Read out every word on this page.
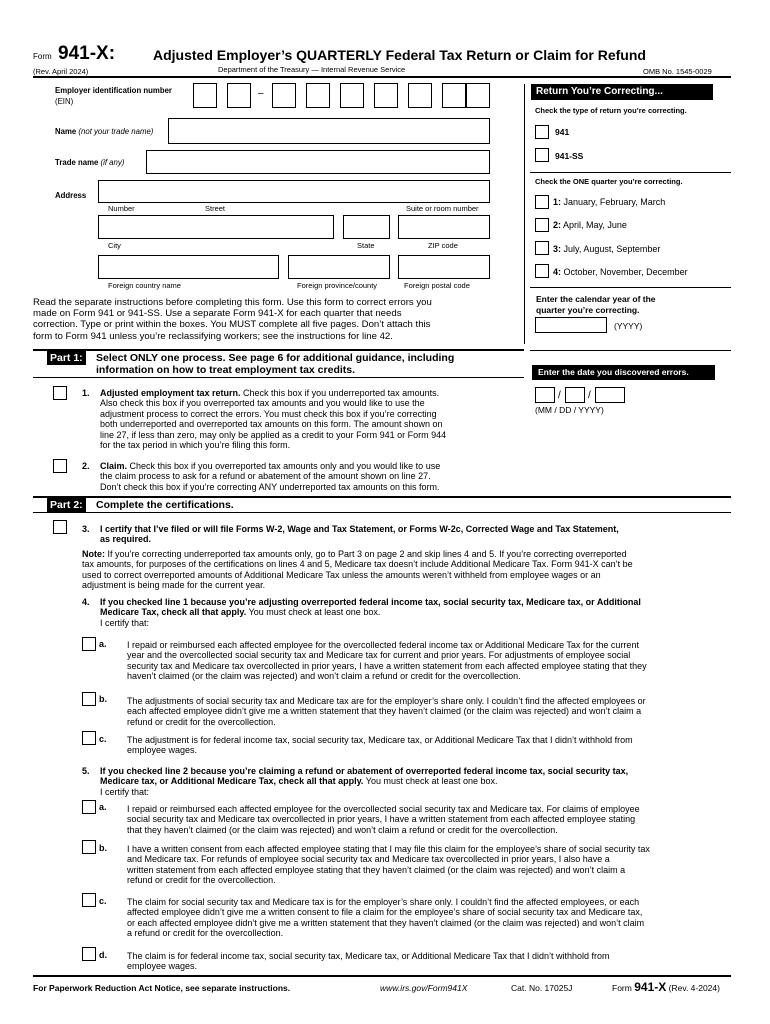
Form 941-X:	Adjusted Employer’s QUARTERLY Federal Tax Return or Claim for Refund
(Rev. April 2024)	Department of the Treasury — Internal Revenue Service	OMB No. 1545-0029
Employer identification number
(EIN)
–
Name (not your trade name)
Trade name (if any)
Address
Number	Street	Suite or room number
City	State	ZIP code
Foreign country name	Foreign province/county	Foreign postal code
Read the separate instructions before completing this form. Use this form to correct errors you
made on Form 941 or 941-SS. Use a separate Form 941-X for each quarter that needs
correction. Type or print within the boxes. You MUST complete all five pages. Don’t attach this
form to Form 941 unless you’re reclassifying workers; see the instructions for line 42.
Return You’re Correcting...
Check the type of return you’re correcting.
941
941-SS
Check the ONE quarter you’re correcting.
1: January, February, March
2: April, May, June
3: July, August, September
4: October, November, December
Enter the calendar year of the
quarter you’re correcting.
(YYYY)
Enter the date you discovered errors.
/	/
(MM / DD / YYYY)
Part 1: Select ONLY one process. See page 6 for additional guidance, including
information on how to treat employment tax credits.
1. Adjusted employment tax return. Check this box if you underreported tax amounts.
Also check this box if you overreported tax amounts and you would like to use the
adjustment process to correct the errors. You must check this box if you’re correcting
both underreported and overreported tax amounts on this form. The amount shown on
line 27, if less than zero, may only be applied as a credit to your Form 941 or Form 944
for the tax period in which you’re filing this form.
2. Claim. Check this box if you overreported tax amounts only and you would like to use
the claim process to ask for a refund or abatement of the amount shown on line 27.
Don’t check this box if you’re correcting ANY underreported tax amounts on this form.
Part 2: Complete the certifications.
3. I certify that I’ve filed or will file Forms W-2, Wage and Tax Statement, or Forms W-2c, Corrected Wage and Tax Statement,
as required.
Note: If you’re correcting underreported tax amounts only, go to Part 3 on page 2 and skip lines 4 and 5. If you’re correcting overreported
tax amounts, for purposes of the certifications on lines 4 and 5, Medicare tax doesn’t include Additional Medicare Tax. Form 941-X can’t be
used to correct overreported amounts of Additional Medicare Tax unless the amounts weren’t withheld from employee wages or an
adjustment is being made for the current year.
4. If you checked line 1 because you’re adjusting overreported federal income tax, social security tax, Medicare tax, or Additional
Medicare Tax, check all that apply. You must check at least one box.
I certify that:
a. I repaid or reimbursed each affected employee for the overcollected federal income tax or Additional Medicare Tax for the current
year and the overcollected social security tax and Medicare tax for current and prior years. For adjustments of employee social
security tax and Medicare tax overcollected in prior years, I have a written statement from each affected employee stating that they
haven’t claimed (or the claim was rejected) and won’t claim a refund or credit for the overcollection.
b. The adjustments of social security tax and Medicare tax are for the employer’s share only. I couldn’t find the affected employees or
each affected employee didn’t give me a written statement that they haven’t claimed (or the claim was rejected) and won’t claim a
refund or credit for the overcollection.
c. The adjustment is for federal income tax, social security tax, Medicare tax, or Additional Medicare Tax that I didn’t withhold from
employee wages.
5. If you checked line 2 because you’re claiming a refund or abatement of overreported federal income tax, social security tax,
Medicare tax, or Additional Medicare Tax, check all that apply. You must check at least one box.
I certify that:
a. I repaid or reimbursed each affected employee for the overcollected social security tax and Medicare tax. For claims of employee
social security tax and Medicare tax overcollected in prior years, I have a written statement from each affected employee stating
that they haven’t claimed (or the claim was rejected) and won’t claim a refund or credit for the overcollection.
b. I have a written consent from each affected employee stating that I may file this claim for the employee’s share of social security tax
and Medicare tax. For refunds of employee social security tax and Medicare tax overcollected in prior years, I also have a
written statement from each affected employee stating that they haven’t claimed (or the claim was rejected) and won’t claim a
refund or credit for the overcollection.
c. The claim for social security tax and Medicare tax is for the employer’s share only. I couldn’t find the affected employees, or each
affected employee didn’t give me a written consent to file a claim for the employee’s share of social security tax and Medicare tax,
or each affected employee didn’t give me a written statement that they haven’t claimed (or the claim was rejected) and won’t claim
a refund or credit for the overcollection.
d. The claim is for federal income tax, social security tax, Medicare tax, or Additional Medicare Tax that I didn’t withhold from
employee wages.
For Paperwork Reduction Act Notice, see separate instructions.	www.irs.gov/Form941X	Cat. No. 17025J	Form 941-X (Rev. 4-2024)
